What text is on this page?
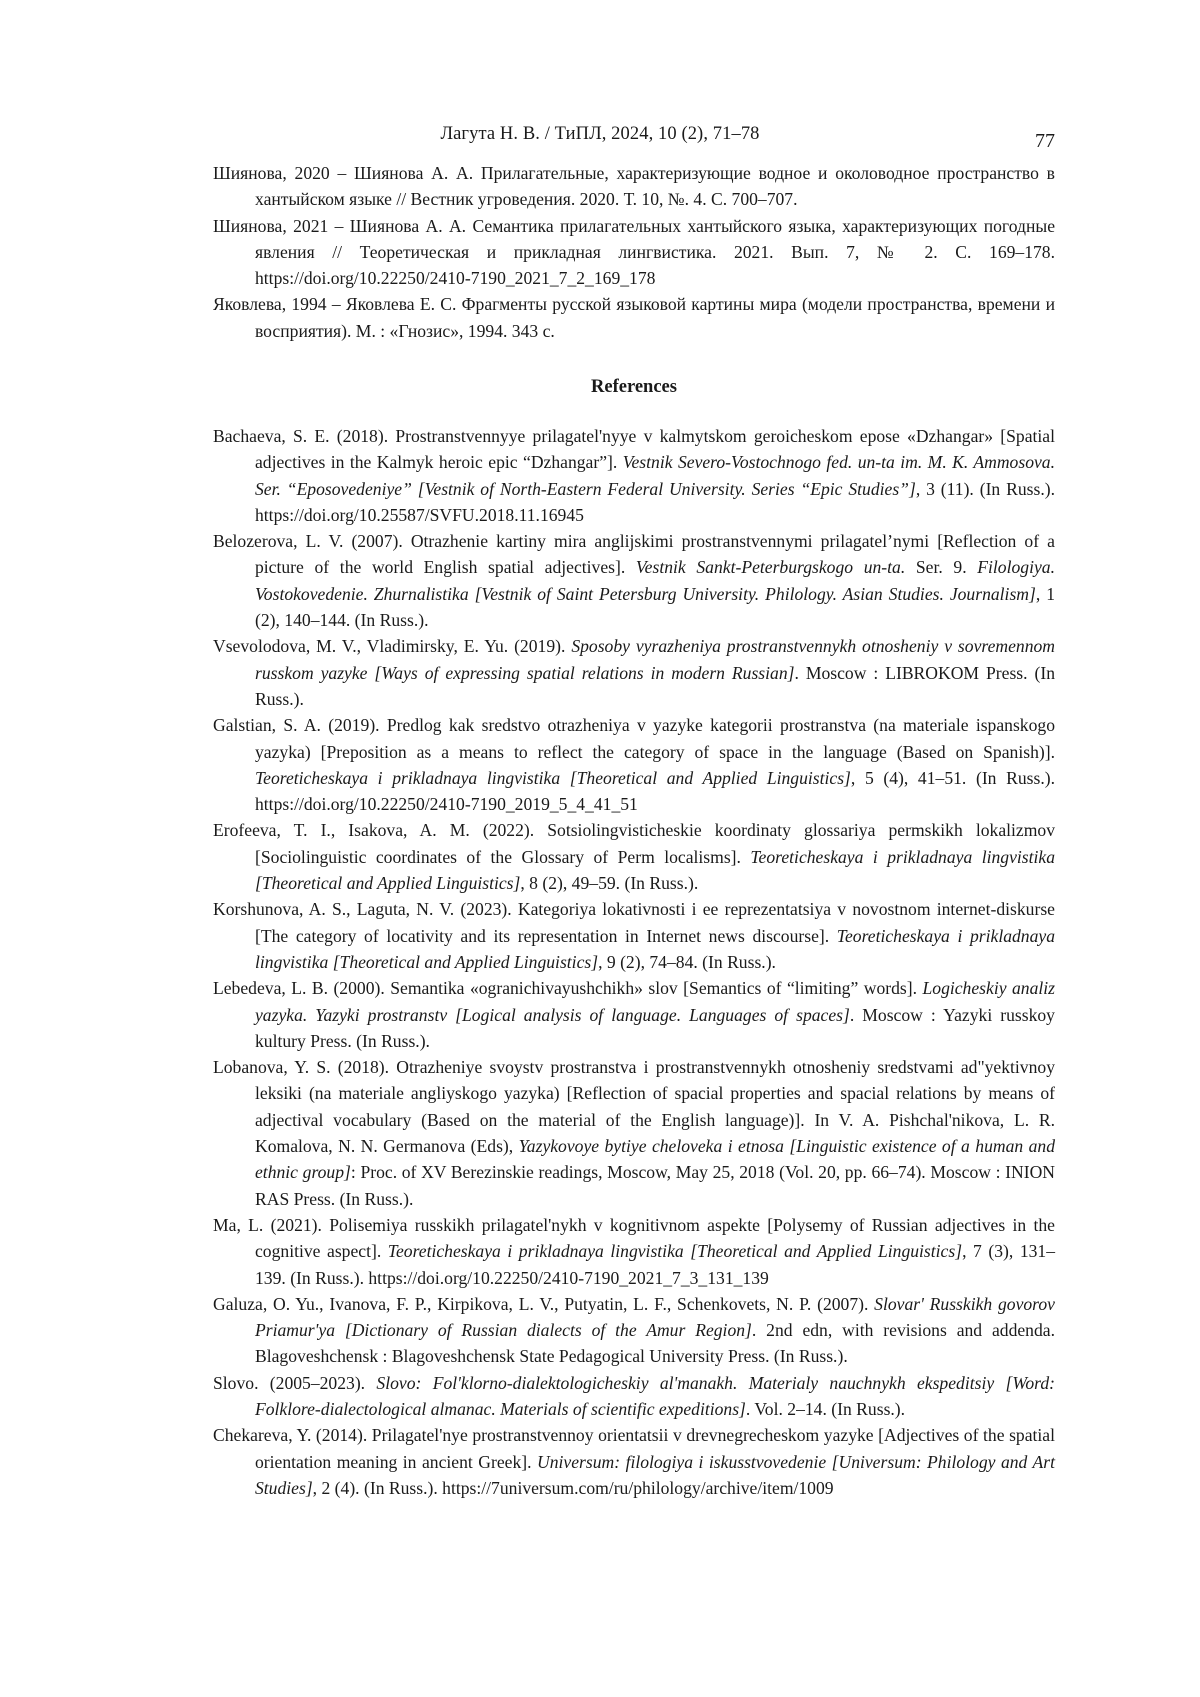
Лагута Н. В. / ТиПЛ, 2024, 10 (2), 71–78	77

Шиянова, 2020 – Шиянова А. А. Прилагательные, характеризующие водное и околоводное пространство в хантыйском языке // Вестник угроведения. 2020. Т. 10, №. 4. С. 700–707.

Шиянова, 2021 – Шиянова А. А. Семантика прилагательных хантыйского языка, характеризующих погодные явления // Теоретическая и прикладная лингвистика. 2021. Вып. 7, № 2. С. 169–178. https://doi.org/10.22250/2410-7190_2021_7_2_169_178

Яковлева, 1994 – Яковлева Е. С. Фрагменты русской языковой картины мира (модели пространства, времени и восприятия). М. : «Гнозис», 1994. 343 с.

References

Bachaeva, S. E. (2018). Prostranstvennyye prilagatel'nyye v kalmytskom geroicheskom epose «Dzhangar» [Spatial adjectives in the Kalmyk heroic epic “Dzhangar”]. Vestnik Severo-Vostochnogo fed. un-ta im. M. K. Ammosova. Ser. “Eposovedeniye” [Vestnik of North-Eastern Federal University. Series “Epic Studies”], 3 (11). (In Russ.). https://doi.org/10.25587/SVFU.2018.11.16945

Belozerova, L. V. (2007). Otrazhenie kartiny mira anglijskimi prostranstvennymi prilagatel’nymi [Reflection of a picture of the world English spatial adjectives]. Vestnik Sankt-Peterburgskogo un-ta. Ser. 9. Filologiya. Vostokovedenie. Zhurnalistika [Vestnik of Saint Petersburg University. Philology. Asian Studies. Journalism], 1 (2), 140–144. (In Russ.).

Vsevolodova, M. V., Vladimirsky, E. Yu. (2019). Sposoby vyrazheniya prostranstvennykh otnosheniy v sovremennom russkom yazyke [Ways of expressing spatial relations in modern Russian]. Moscow : LIBROKOM Press. (In Russ.).

Galstian, S. A. (2019). Predlog kak sredstvo otrazheniya v yazyke kategorii prostranstva (na materiale ispanskogo yazyka) [Preposition as a means to reflect the category of space in the language (Based on Spanish)]. Teoreticheskaya i prikladnaya lingvistika [Theoretical and Applied Linguistics], 5 (4), 41–51. (In Russ.). https://doi.org/10.22250/2410-7190_2019_5_4_41_51

Erofeeva, T. I., Isakova, A. M. (2022). Sotsiolingvisticheskie koordinaty glossariya permskikh lokalizmov [Sociolinguistic coordinates of the Glossary of Perm localisms]. Teoreticheskaya i prikladnaya lingvistika [Theoretical and Applied Linguistics], 8 (2), 49–59. (In Russ.).

Korshunova, A. S., Laguta, N. V. (2023). Kategoriya lokativnosti i ee reprezentatsiya v novostnom internet-diskurse [The category of locativity and its representation in Internet news discourse]. Teoreticheskaya i prikladnaya lingvistika [Theoretical and Applied Linguistics], 9 (2), 74–84. (In Russ.).

Lebedeva, L. B. (2000). Semantika «ogranichivayushchikh» slov [Semantics of “limiting” words]. Logicheskiy analiz yazyka. Yazyki prostranstv [Logical analysis of language. Languages of spaces]. Moscow : Yazyki russkoy kultury Press. (In Russ.).

Lobanova, Y. S. (2018). Otrazheniye svoystv prostranstva i prostranstvennykh otnosheniy sredstvami ad"yektivnoy leksiki (na materiale angliyskogo yazyka) [Reflection of spacial properties and spacial relations by means of adjectival vocabulary (Based on the material of the English language)]. In V. A. Pishchal'nikova, L. R. Komalova, N. N. Germanova (Eds), Yazykovoye bytiye cheloveka i etnosa [Linguistic existence of a human and ethnic group]: Proc. of XV Berezinskie readings, Moscow, May 25, 2018 (Vol. 20, pp. 66–74). Moscow : INION RAS Press. (In Russ.).

Ma, L. (2021). Polisemiya russkikh prilagatel'nykh v kognitivnom aspekte [Polysemy of Russian adjectives in the cognitive aspect]. Teoreticheskaya i prikladnaya lingvistika [Theoretical and Applied Linguistics], 7 (3), 131–139. (In Russ.). https://doi.org/10.22250/2410-7190_2021_7_3_131_139

Galuza, O. Yu., Ivanova, F. P., Kirpikova, L. V., Putyatin, L. F., Schenkovets, N. P. (2007). Slovar' Russkikh govorov Priamur'ya [Dictionary of Russian dialects of the Amur Region]. 2nd edn, with revisions and addenda. Blagoveshchensk : Blagoveshchensk State Pedagogical University Press. (In Russ.).

Slovo. (2005–2023). Slovo: Fol'klorno-dialektologicheskiy al'manakh. Materialy nauchnykh ekspeditsiy [Word: Folklore-dialectological almanac. Materials of scientific expeditions]. Vol. 2–14. (In Russ.).

Chekareva, Y. (2014). Prilagatel'nye prostranstvennoy orientatsii v drevnegrecheskom yazyke [Adjectives of the spatial orientation meaning in ancient Greek]. Universum: filologiya i iskusstvovedenie [Universum: Philology and Art Studies], 2 (4). (In Russ.). https://7universum.com/ru/philology/archive/item/1009
